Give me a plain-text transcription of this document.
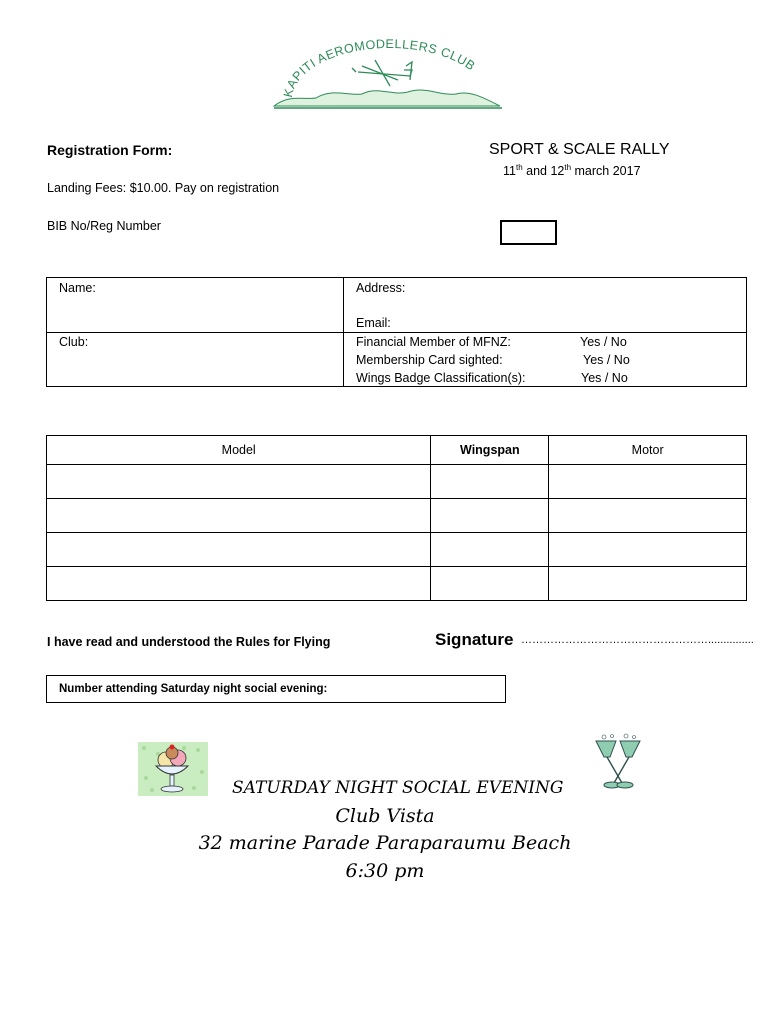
KAPITI AEROMODELLERS CLUB
Registration Form:	SPORT & SCALE RALLY
11th and 12th march 2017
Landing Fees: $10.00. Pay on registration
BIB No/Reg Number
Name:	Address:
Email:
Club:	Financial Member of MFNZ:	Yes / No
Membership Card sighted:	Yes / No
Wings Badge Classification(s):	Yes / No
Model	Wingspan	Motor

I have read and understood the Rules for Flying	Signature ……………………………………………...............
Number attending Saturday night social evening:
SATURDAY NIGHT SOCIAL EVENING
Club Vista
32 marine Parade Paraparaumu Beach
6:30 pm
